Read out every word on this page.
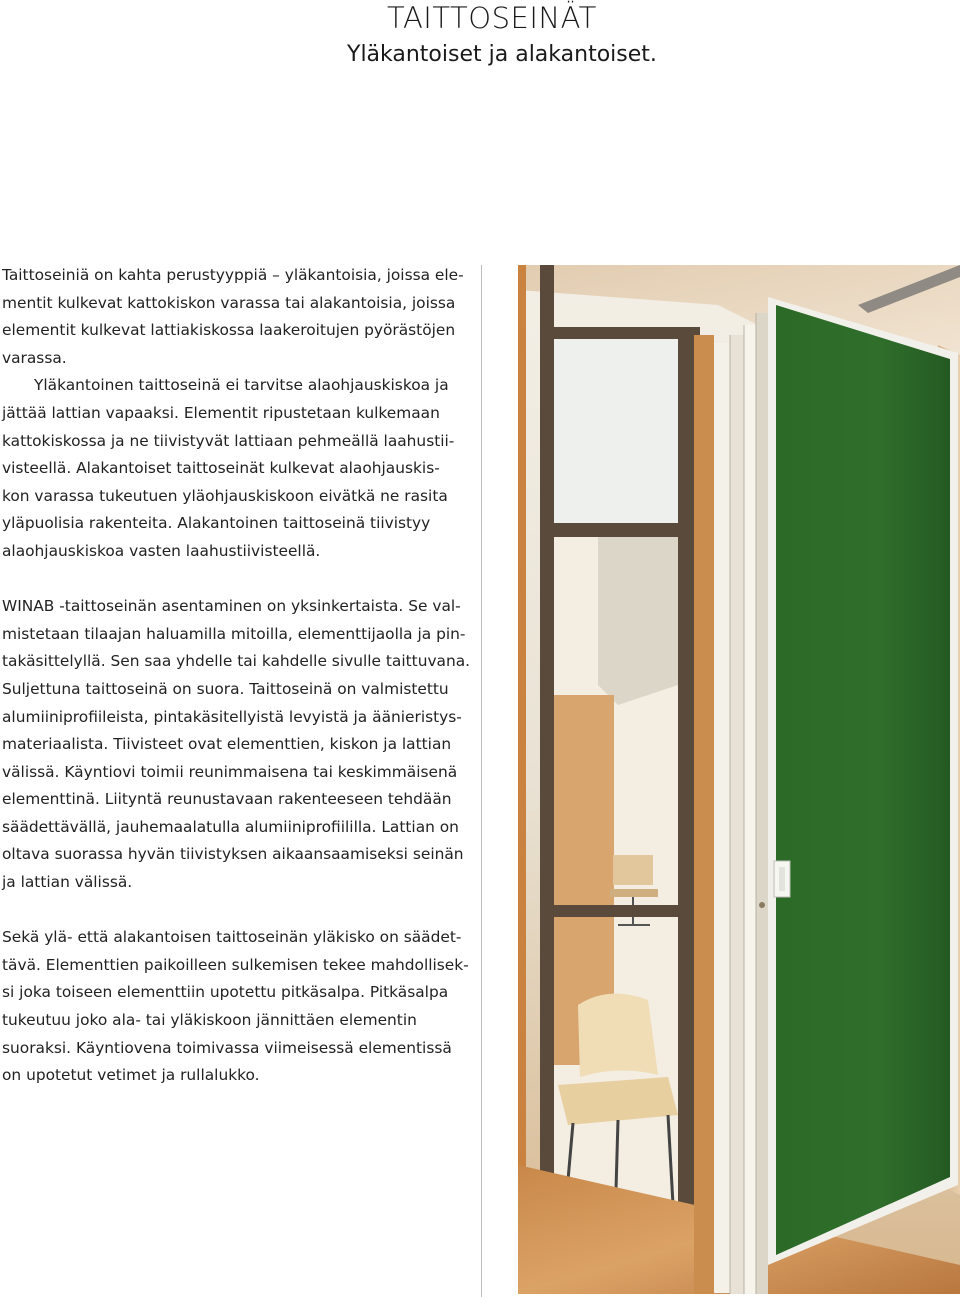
TAITTOSEINÄT
Yläkantoiset ja alakantoiset.

Taittoseiniä on kahta perustyyppiä – yläkantoisia, joissa ele-
mentit kulkevat kattokiskon varassa tai alakantoisia, joissa
elementit kulkevat lattiakiskossa laakeroitujen pyörästöjen
varassa.
Yläkantoinen taittoseinä ei tarvitse alaohjauskiskoa ja
jättää lattian vapaaksi. Elementit ripustetaan kulkemaan
kattokiskossa ja ne tiivistyvät lattiaan pehmeällä laahustii-
visteellä. Alakantoiset taittoseinät kulkevat alaohjauskis-
kon varassa tukeutuen yläohjauskiskoon eivätkä ne rasita
yläpuolisia rakenteita. Alakantoinen taittoseinä tiivistyy
alaohjauskiskoa vasten laahustiivisteellä.

WINAB -taittoseinän asentaminen on yksinkertaista. Se val-
mistetaan tilaajan haluamilla mitoilla, elementtijaolla ja pin-
takäsittelyllä. Sen saa yhdelle tai kahdelle sivulle taittuvana.
Suljettuna taittoseinä on suora. Taittoseinä on valmistettu
alumiiniprofiileista, pintakäsitellyistä levyistä ja äänieristys-
materiaalista. Tiivisteet ovat elementtien, kiskon ja lattian
välissä. Käyntiovi toimii reunimmaisena tai keskimmäisenä
elementtinä. Liityntä reunustavaan rakenteeseen tehdään
säädettävällä, jauhemaalatulla alumiiniprofiililla. Lattian on
oltava suorassa hyvän tiivistyksen aikaansaamiseksi seinän
ja lattian välissä.

Sekä ylä- että alakantoisen taittoseinän yläkisko on säädet-
tävä. Elementtien paikoilleen sulkemisen tekee mahdollisek-
si joka toiseen elementtiin upotettu pitkäsalpa. Pitkäsalpa
tukeutuu joko ala- tai yläkiskoon jännittäen elementin
suoraksi. Käyntiovena toimivassa viimeisessä elementissä
on upotetut vetimet ja rullalukko.
